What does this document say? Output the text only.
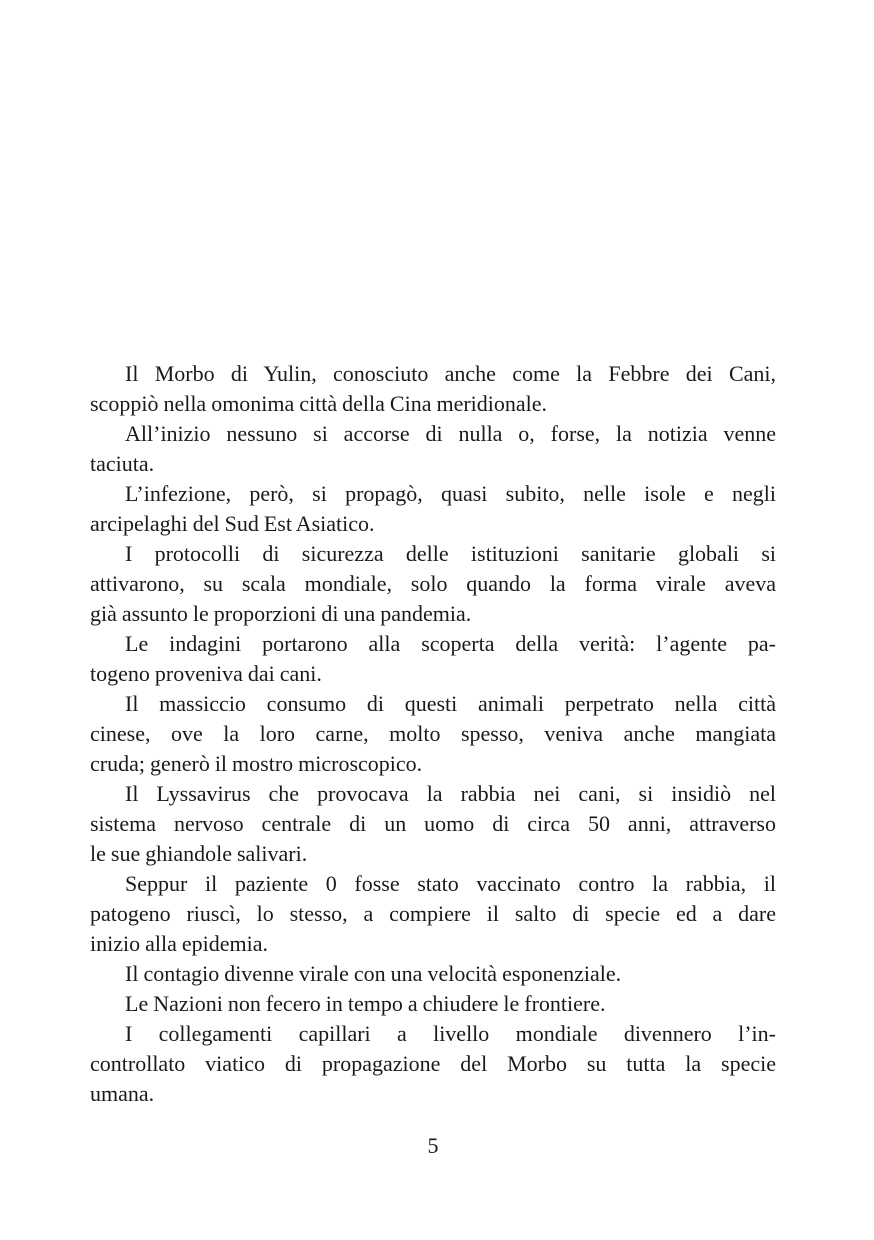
Il Morbo di Yulin, conosciuto anche come la Febbre dei Cani,
scoppiò nella omonima città della Cina meridionale.

All’inizio nessuno si accorse di nulla o, forse, la notizia venne
taciuta.

L’infezione, però, si propagò, quasi subito, nelle isole e negli
arcipelaghi del Sud Est Asiatico.

I protocolli di sicurezza delle istituzioni sanitarie globali si
attivarono, su scala mondiale, solo quando la forma virale aveva
già assunto le proporzioni di una pandemia.

Le indagini portarono alla scoperta della verità: l’agente pa-
togeno proveniva dai cani.

Il massiccio consumo di questi animali perpetrato nella città
cinese, ove la loro carne, molto spesso, veniva anche mangiata
cruda; generò il mostro microscopico.

Il Lyssavirus che provocava la rabbia nei cani, si insidiò nel
sistema nervoso centrale di un uomo di circa 50 anni, attraverso
le sue ghiandole salivari.

Seppur il paziente 0 fosse stato vaccinato contro la rabbia, il
patogeno riuscì, lo stesso, a compiere il salto di specie ed a dare
inizio alla epidemia.

Il contagio divenne virale con una velocità esponenziale.

Le Nazioni non fecero in tempo a chiudere le frontiere.

I collegamenti capillari a livello mondiale divennero l’in-
controllato viatico di propagazione del Morbo su tutta la specie
umana.

5
